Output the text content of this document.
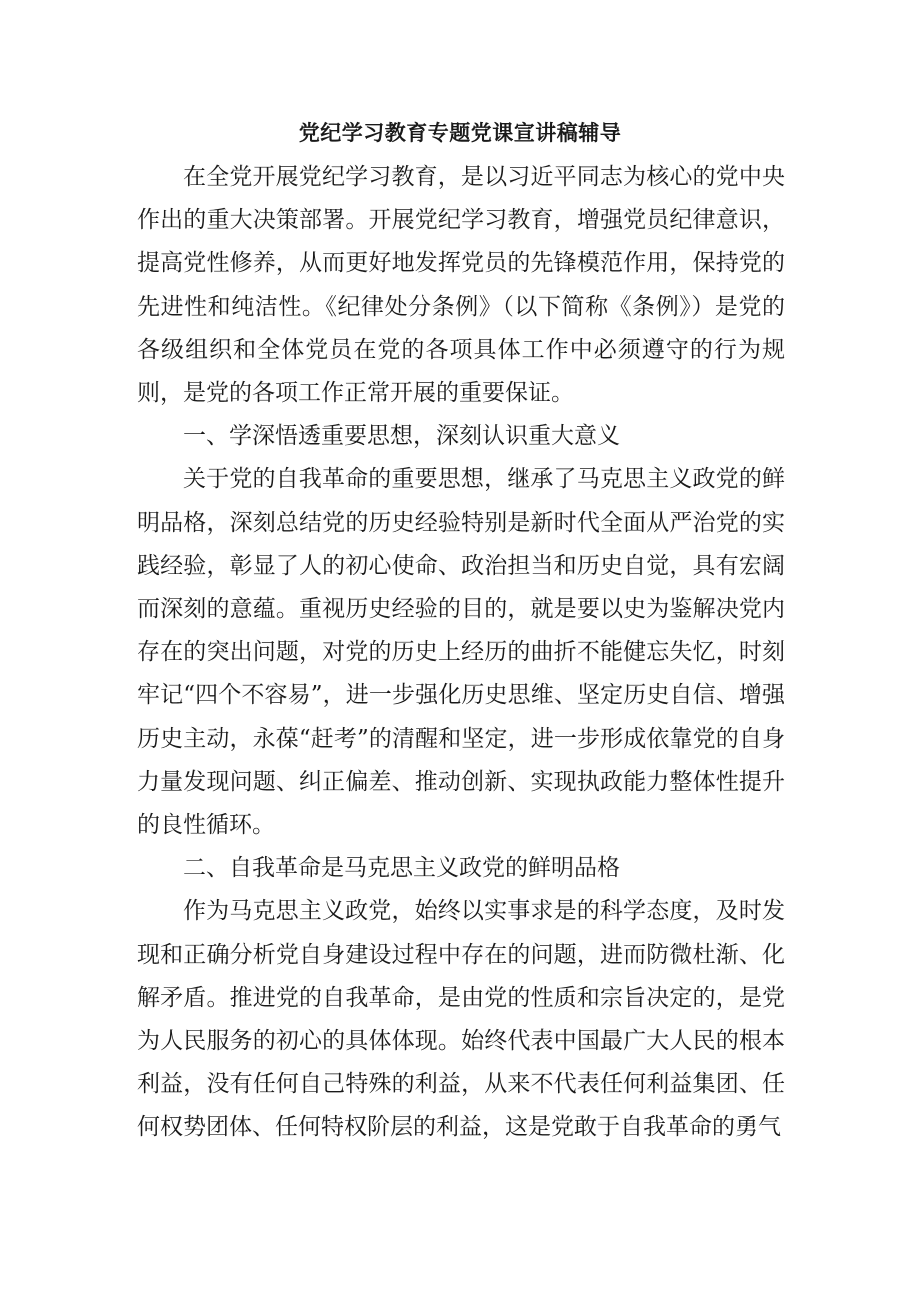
党纪学习教育专题党课宣讲稿辅导

在全党开展党纪学习教育，是以习近平同志为核心的党中央作出的重大决策部署。开展党纪学习教育，增强党员纪律意识，提高党性修养，从而更好地发挥党员的先锋模范作用，保持党的先进性和纯洁性。《纪律处分条例》（以下简称《条例》）是党的各级组织和全体党员在党的各项具体工作中必须遵守的行为规则，是党的各项工作正常开展的重要保证。

一、学深悟透重要思想，深刻认识重大意义

关于党的自我革命的重要思想，继承了马克思主义政党的鲜明品格，深刻总结党的历史经验特别是新时代全面从严治党的实践经验，彰显了人的初心使命、政治担当和历史自觉，具有宏阔而深刻的意蕴。重视历史经验的目的，就是要以史为鉴解决党内存在的突出问题，对党的历史上经历的曲折不能健忘失忆，时刻牢记“四个不容易”，进一步强化历史思维、坚定历史自信、增强历史主动，永葆“赶考”的清醒和坚定，进一步形成依靠党的自身力量发现问题、纠正偏差、推动创新、实现执政能力整体性提升的良性循环。

二、自我革命是马克思主义政党的鲜明品格

作为马克思主义政党，始终以实事求是的科学态度，及时发现和正确分析党自身建设过程中存在的问题，进而防微杜渐、化解矛盾。推进党的自我革命，是由党的性质和宗旨决定的，是党为人民服务的初心的具体体现。始终代表中国最广大人民的根本利益，没有任何自己特殊的利益，从来不代表任何利益集团、任何权势团体、任何特权阶层的利益，这是党敢于自我革命的勇气
